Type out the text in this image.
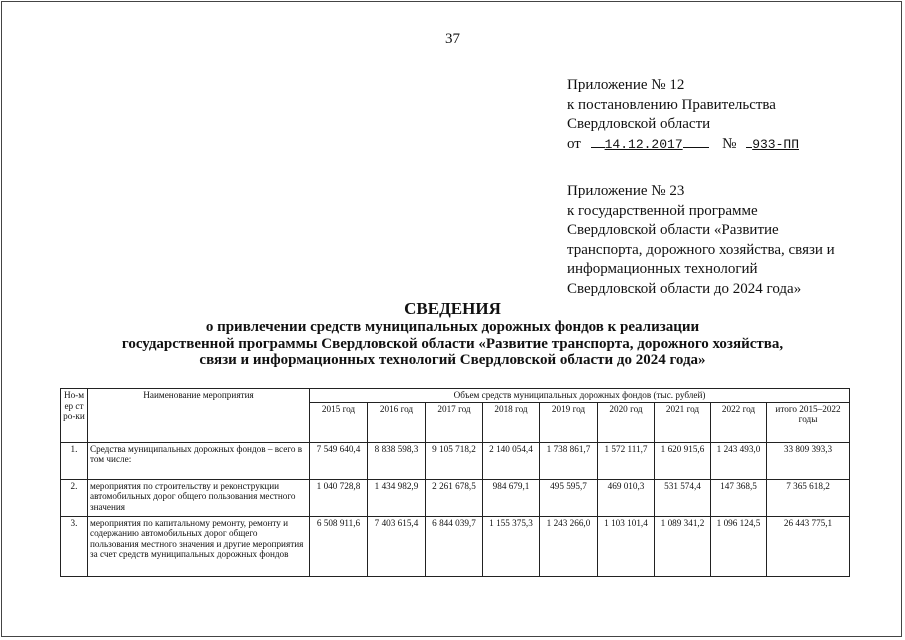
37
Приложение № 12
к постановлению Правительства
Свердловской области
от 14.12.2017	№ 933-ПП
Приложение № 23
к государственной программе
Свердловской области «Развитие
транспорта, дорожного хозяйства, связи и
информационных технологий
Свердловской области до 2024 года»
СВЕДЕНИЯ
о привлечении средств муниципальных дорожных фондов к реализации
государственной программы Свердловской области «Развитие транспорта, дорожного хозяйства,
связи и информационных технологий Свердловской области до 2024 года»
Но-мер стро-ки	Наименование мероприятия	Объем средств муниципальных дорожных фондов (тыс. рублей)								
		2015 год	2016 год	2017 год	2018 год	2019 год	2020 год	2021 год	2022 год	итого 2015–2022 годы
1.	Средства муниципальных дорожных фондов – всего в том числе:	7 549 640,4	8 838 598,3	9 105 718,2	2 140 054,4	1 738 861,7	1 572 111,7	1 620 915,6	1 243 493,0	33 809 393,3
2.	мероприятия по строительству и реконструкции автомобильных дорог общего пользования местного значения	1 040 728,8	1 434 982,9	2 261 678,5	984 679,1	495 595,7	469 010,3	531 574,4	147 368,5	7 365 618,2
3.	мероприятия по капитальному ремонту, ремонту и содержанию автомобильных дорог общего пользования местного значения и другие мероприятия за счет средств муниципальных дорожных фондов	6 508 911,6	7 403 615,4	6 844 039,7	1 155 375,3	1 243 266,0	1 103 101,4	1 089 341,2	1 096 124,5	26 443 775,1
